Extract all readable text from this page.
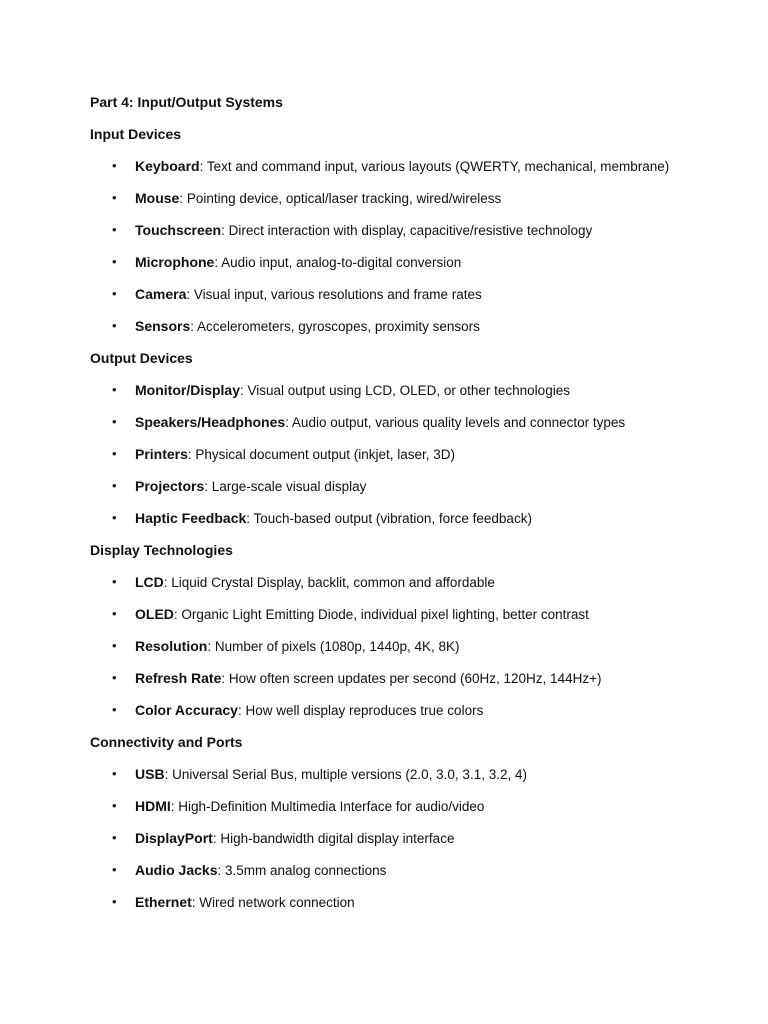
Part 4: Input/Output Systems
Input Devices
• Keyboard: Text and command input, various layouts (QWERTY, mechanical, membrane)
• Mouse: Pointing device, optical/laser tracking, wired/wireless
• Touchscreen: Direct interaction with display, capacitive/resistive technology
• Microphone: Audio input, analog-to-digital conversion
• Camera: Visual input, various resolutions and frame rates
• Sensors: Accelerometers, gyroscopes, proximity sensors
Output Devices
• Monitor/Display: Visual output using LCD, OLED, or other technologies
• Speakers/Headphones: Audio output, various quality levels and connector types
• Printers: Physical document output (inkjet, laser, 3D)
• Projectors: Large-scale visual display
• Haptic Feedback: Touch-based output (vibration, force feedback)
Display Technologies
• LCD: Liquid Crystal Display, backlit, common and affordable
• OLED: Organic Light Emitting Diode, individual pixel lighting, better contrast
• Resolution: Number of pixels (1080p, 1440p, 4K, 8K)
• Refresh Rate: How often screen updates per second (60Hz, 120Hz, 144Hz+)
• Color Accuracy: How well display reproduces true colors
Connectivity and Ports
• USB: Universal Serial Bus, multiple versions (2.0, 3.0, 3.1, 3.2, 4)
• HDMI: High-Definition Multimedia Interface for audio/video
• DisplayPort: High-bandwidth digital display interface
• Audio Jacks: 3.5mm analog connections
• Ethernet: Wired network connection
